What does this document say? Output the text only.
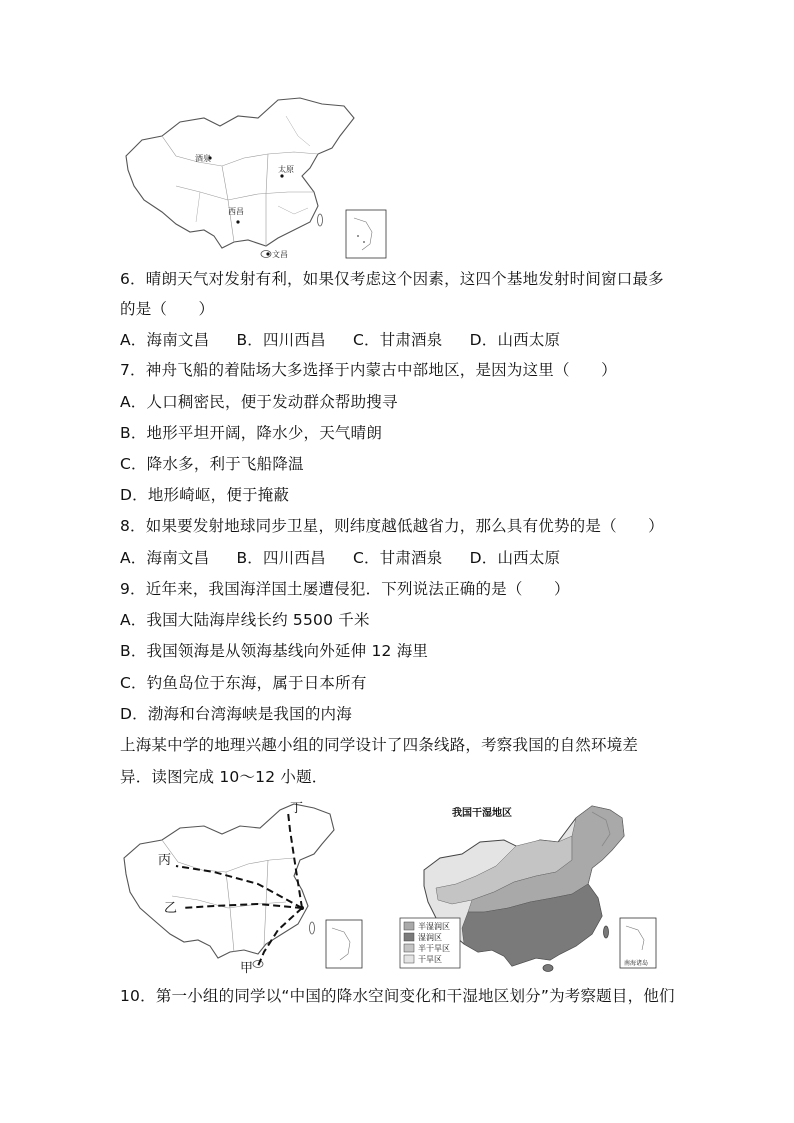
酒泉
太原
西昌
文昌
6．晴朗天气对发射有利，如果仅考虑这个因素，这四个基地发射时间窗口最多
的是（　　）
A．海南文昌 B．四川西昌 C．甘肃酒泉 D．山西太原
7．神舟飞船的着陆场大多选择于内蒙古中部地区，是因为这里（　　）
A．人口稠密民，便于发动群众帮助搜寻
B．地形平坦开阔，降水少，天气晴朗
C．降水多，利于飞船降温
D．地形崎岖，便于掩蔽
8．如果要发射地球同步卫星，则纬度越低越省力，那么具有优势的是（　　）
A．海南文昌 B．四川西昌 C．甘肃酒泉 D．山西太原
9．近年来，我国海洋国土屡遭侵犯．下列说法正确的是（　　）
A．我国大陆海岸线长约 5500 千米
B．我国领海是从领海基线向外延伸 12 海里
C．钓鱼岛位于东海，属于日本所有
D．渤海和台湾海峡是我国的内海
上海某中学的地理兴趣小组的同学设计了四条线路，考察我国的自然环境差
异．读图完成 10～12 小题．
丁
丙
乙
甲
我国干湿地区
半湿润区
湿润区
半干旱区
干旱区	南海诸岛
10．第一小组的同学以“中国的降水空间变化和干湿地区划分”为考察题目，他们
